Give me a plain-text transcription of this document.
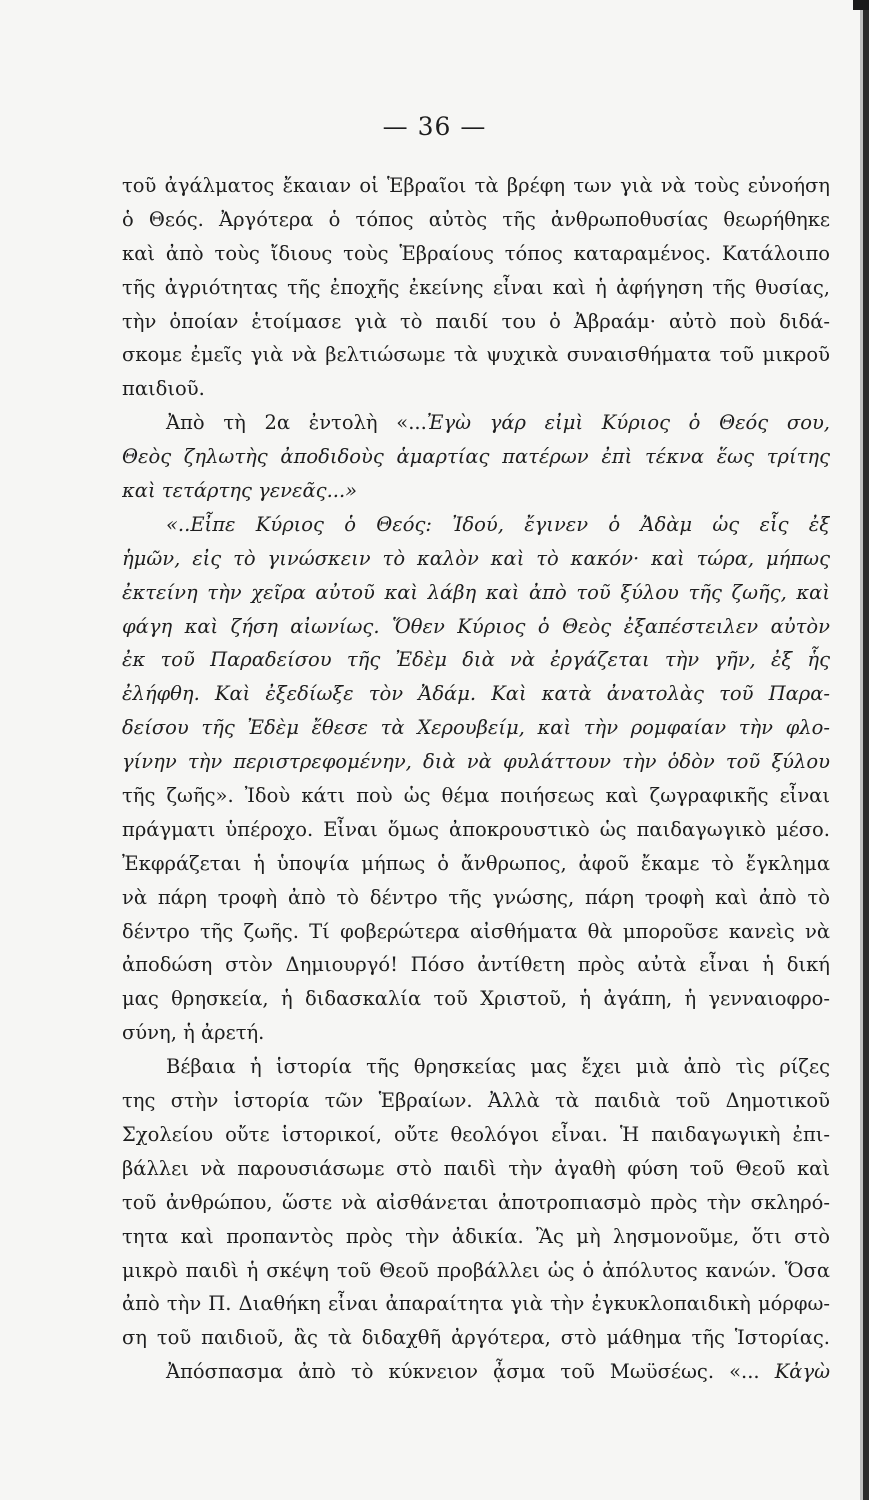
— 36 —
τοῦ ἀγάλματος ἔκαιαν οἱ Ἑβραῖοι τὰ βρέφη των γιὰ νὰ τοὺς εὐνοήση
ὁ Θεός. Ἀργότερα ὁ τόπος αὐτὸς τῆς ἀνθρωποθυσίας θεωρήθηκε
καὶ ἀπὸ τοὺς ἴδιους τοὺς Ἑβραίους τόπος καταραμένος. Κατάλοιπο
τῆς ἀγριότητας τῆς ἐποχῆς ἐκείνης εἶναι καὶ ἡ ἀφήγηση τῆς θυσίας,
τὴν ὁποίαν ἑτοίμασε γιὰ τὸ παιδί του ὁ Ἀβραάμ· αὐτὸ ποὺ διδά-
σκομε ἐμεῖς γιὰ νὰ βελτιώσωμε τὰ ψυχικὰ συναισθήματα τοῦ μικροῦ
παιδιοῦ.
Ἀπὸ τὴ 2α ἐντολὴ «...Ἐγὼ γάρ εἰμὶ Κύριος ὁ Θεός σου,
Θεὸς ζηλωτὴς ἀποδιδοὺς ἁμαρτίας πατέρων ἐπὶ τέκνα ἕως τρίτης
καὶ τετάρτης γενεᾶς...»
«..Εἶπε Κύριος ὁ Θεός: Ἰδού, ἔγινεν ὁ Ἀδὰμ ὡς εἷς ἐξ
ἡμῶν, εἰς τὸ γινώσκειν τὸ καλὸν καὶ τὸ κακόν· καὶ τώρα, μήπως
ἐκτείνη τὴν χεῖρα αὐτοῦ καὶ λάβη καὶ ἀπὸ τοῦ ξύλου τῆς ζωῆς, καὶ
φάγη καὶ ζήση αἰωνίως. Ὅθεν Κύριος ὁ Θεὸς ἐξαπέστειλεν αὐτὸν
ἐκ τοῦ Παραδείσου τῆς Ἐδὲμ διὰ νὰ ἐργάζεται τὴν γῆν, ἐξ ἧς
ἐλήφθη. Καὶ ἐξεδίωξε τὸν Ἀδάμ. Καὶ κατὰ ἀνατολὰς τοῦ Παρα-
δείσου τῆς Ἐδὲμ ἔθεσε τὰ Χερουβείμ, καὶ τὴν ρομφαίαν τὴν φλο-
γίνην τὴν περιστρεφομένην, διὰ νὰ φυλάττουν τὴν ὁδὸν τοῦ ξύλου
τῆς ζωῆς». Ἰδοὺ κάτι ποὺ ὡς θέμα ποιήσεως καὶ ζωγραφικῆς εἶναι
πράγματι ὑπέροχο. Εἶναι ὅμως ἀποκρουστικὸ ὡς παιδαγωγικὸ μέσο.
Ἐκφράζεται ἡ ὑποψία μήπως ὁ ἄνθρωπος, ἀφοῦ ἔκαμε τὸ ἔγκλημα
νὰ πάρη τροφὴ ἀπὸ τὸ δέντρο τῆς γνώσης, πάρη τροφὴ καὶ ἀπὸ τὸ
δέντρο τῆς ζωῆς. Τί φοβερώτερα αἰσθήματα θὰ μποροῦσε κανεὶς νὰ
ἀποδώση στὸν Δημιουργό! Πόσο ἀντίθετη πρὸς αὐτὰ εἶναι ἡ δική
μας θρησκεία, ἡ διδασκαλία τοῦ Χριστοῦ, ἡ ἀγάπη, ἡ γενναιοφρο-
σύνη, ἡ ἀρετή.
Βέβαια ἡ ἱστορία τῆς θρησκείας μας ἔχει μιὰ ἀπὸ τὶς ρίζες
της στὴν ἱστορία τῶν Ἑβραίων. Ἀλλὰ τὰ παιδιὰ τοῦ Δημοτικοῦ
Σχολείου οὔτε ἱστορικοί, οὔτε θεολόγοι εἶναι. Ἡ παιδαγωγικὴ ἐπι-
βάλλει νὰ παρουσιάσωμε στὸ παιδὶ τὴν ἀγαθὴ φύση τοῦ Θεοῦ καὶ
τοῦ ἀνθρώπου, ὥστε νὰ αἰσθάνεται ἀποτροπιασμὸ πρὸς τὴν σκληρό-
τητα καὶ προπαντὸς πρὸς τὴν ἀδικία. Ἂς μὴ λησμονοῦμε, ὅτι στὸ
μικρὸ παιδὶ ἡ σκέψη τοῦ Θεοῦ προβάλλει ὡς ὁ ἀπόλυτος κανών. Ὅσα
ἀπὸ τὴν Π. Διαθήκη εἶναι ἀπαραίτητα γιὰ τὴν ἐγκυκλοπαιδικὴ μόρφω-
ση τοῦ παιδιοῦ, ἂς τὰ διδαχθῆ ἀργότερα, στὸ μάθημα τῆς Ἱστορίας.
Ἀπόσπασμα ἀπὸ τὸ κύκνειον ᾆσμα τοῦ Μωϋσέως. «... Κἀγὼ
